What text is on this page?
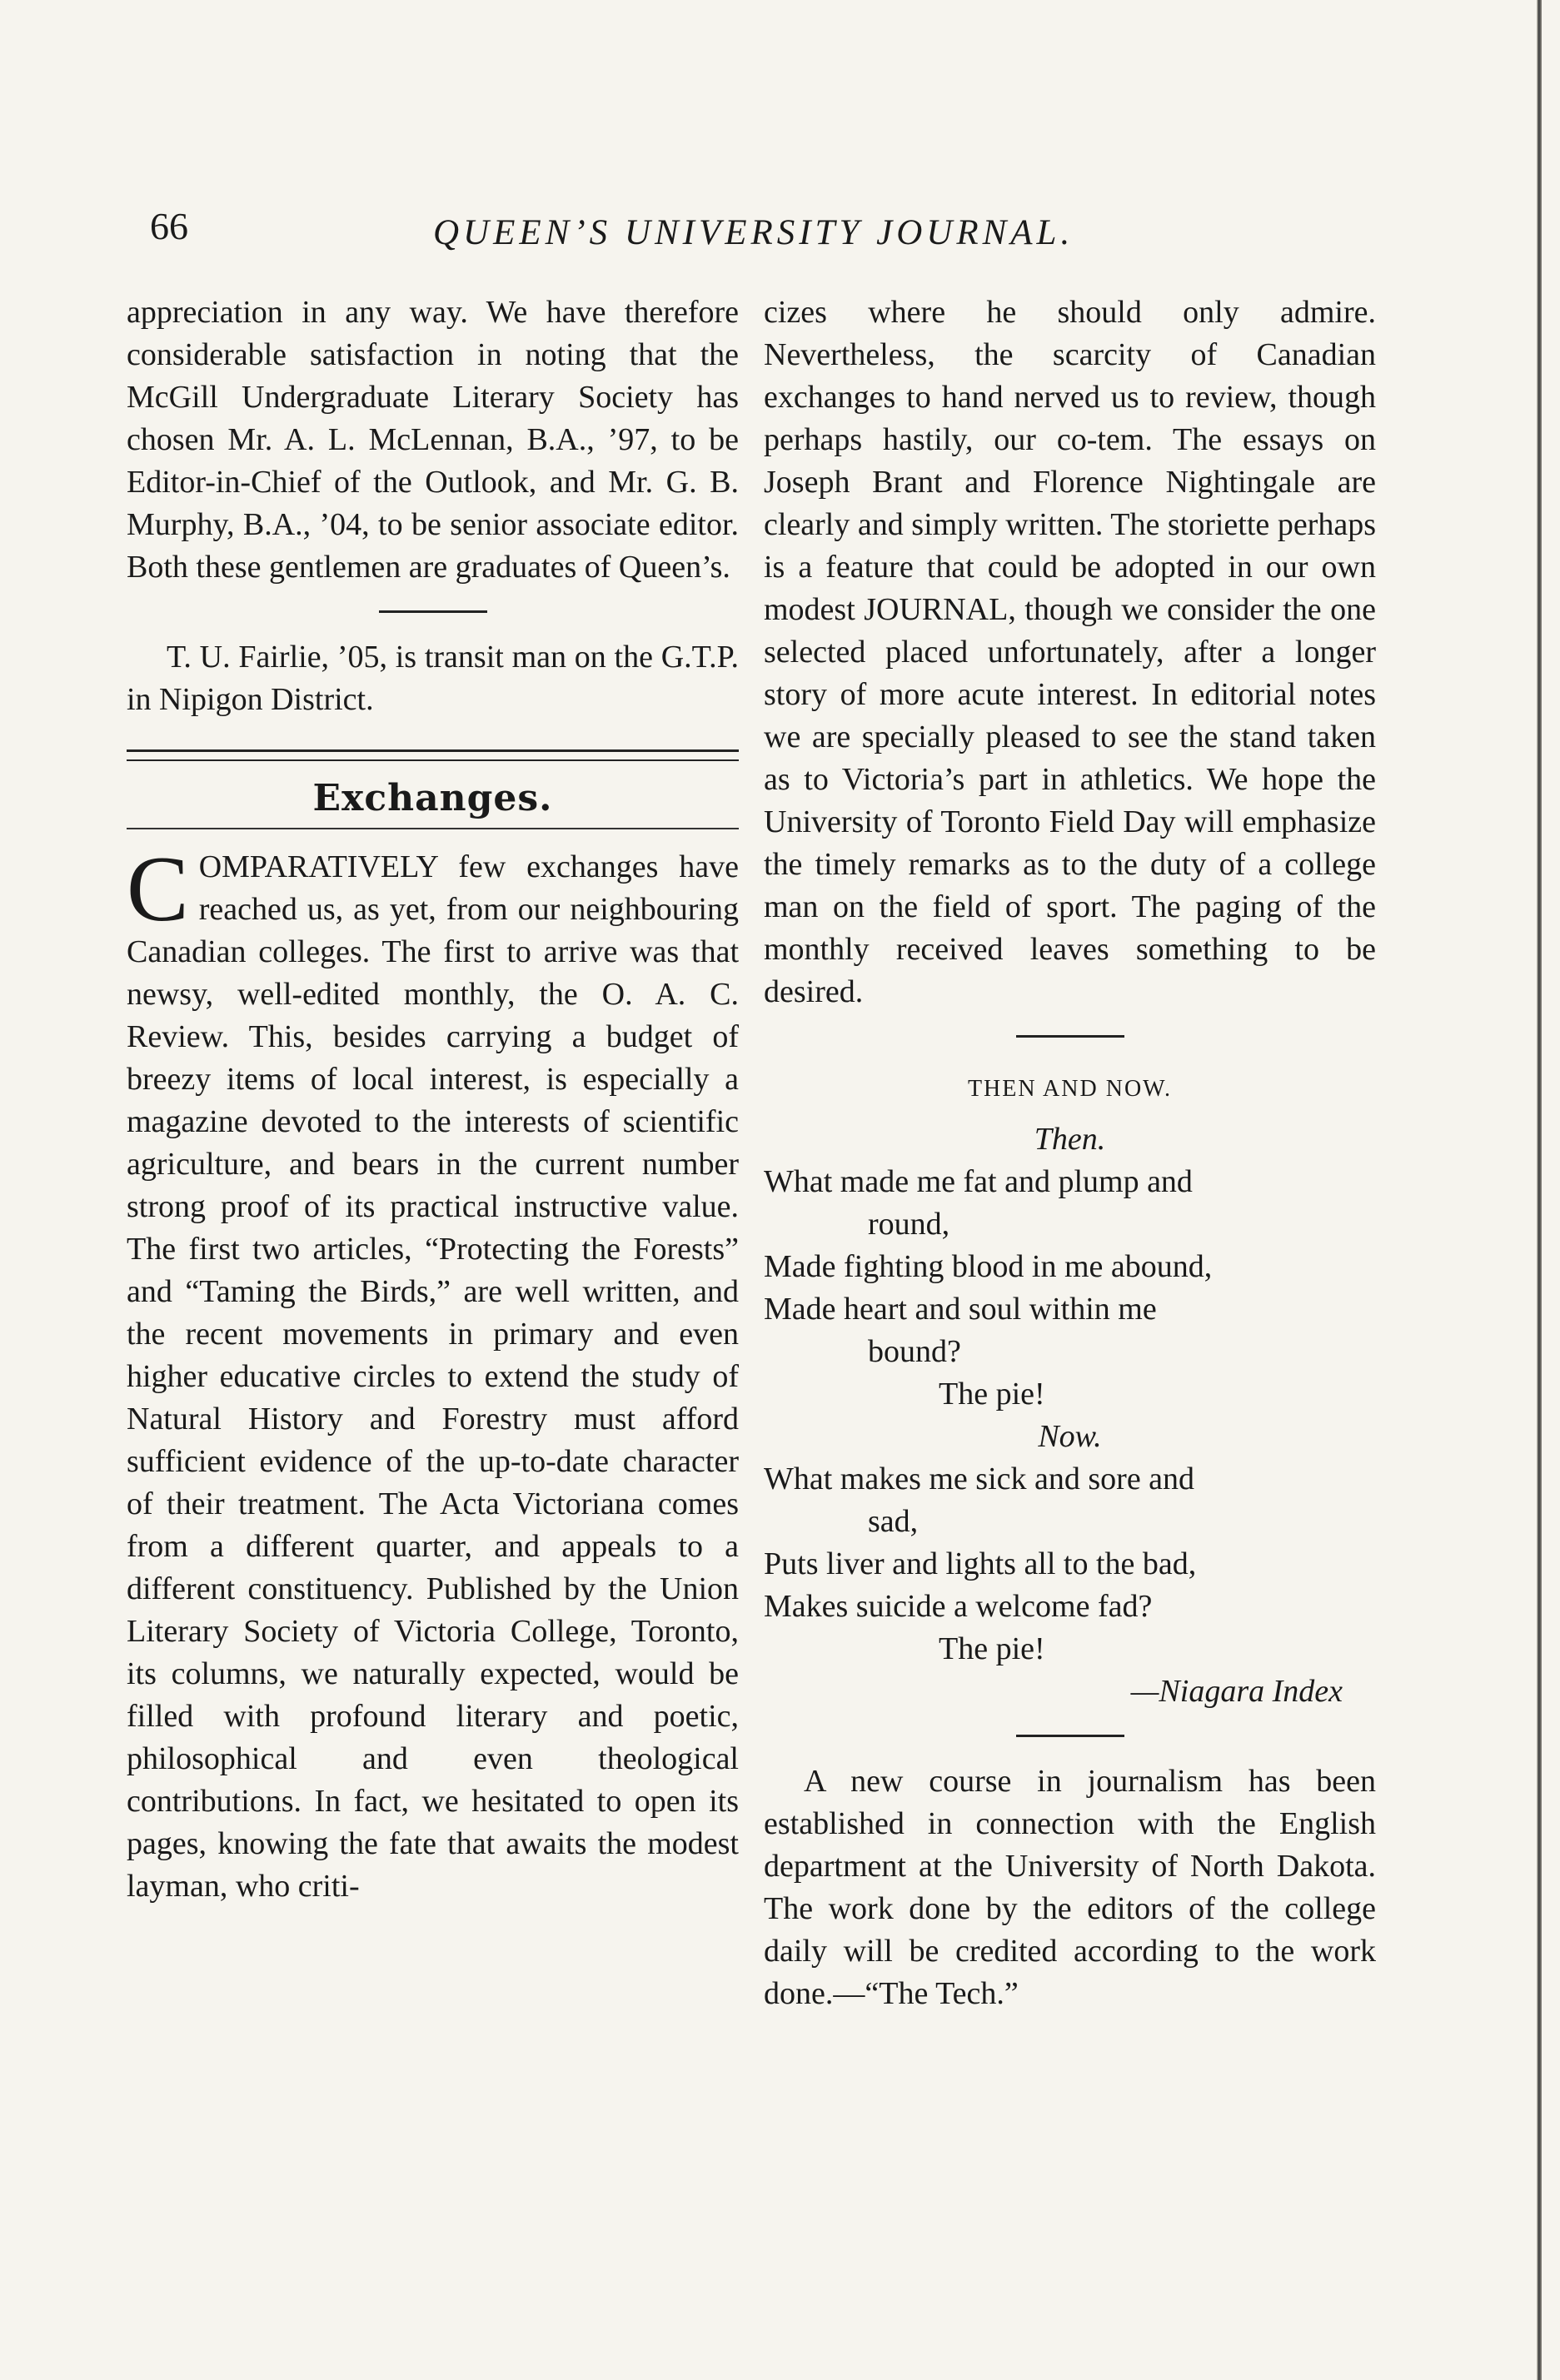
66	QUEEN’S UNIVERSITY JOURNAL.

appreciation in any way. We have therefore considerable satisfaction in noting that the McGill Undergraduate Literary Society has chosen Mr. A. L. McLennan, B.A., ’97, to be Editor-in-Chief of the Outlook, and Mr. G. B. Murphy, B.A., ’04, to be senior associate editor. Both these gentlemen are graduates of Queen’s.

T. U. Fairlie, ’05, is transit man on the G.T.P. in Nipigon District.

Exchanges.

COMPARATIVELY few exchanges have reached us, as yet, from our neighbouring Canadian colleges. The first to arrive was that newsy, well-edited monthly, the O. A. C. Review. This, besides carrying a budget of breezy items of local interest, is especially a magazine devoted to the interests of scientific agriculture, and bears in the current number strong proof of its practical instructive value. The first two articles, “Protecting the Forests” and “Taming the Birds,” are well written, and the recent movements in primary and even higher educative circles to extend the study of Natural History and Forestry must afford sufficient evidence of the up-to-date character of their treatment. The Acta Victoriana comes from a different quarter, and appeals to a different constituency. Published by the Union Literary Society of Victoria College, Toronto, its columns, we naturally expected, would be filled with profound literary and poetic, philosophical and even theological contributions. In fact, we hesitated to open its pages, knowing the fate that awaits the modest layman, who criti-

cizes where he should only admire. Nevertheless, the scarcity of Canadian exchanges to hand nerved us to review, though perhaps hastily, our co-tem. The essays on Joseph Brant and Florence Nightingale are clearly and simply written. The storiette perhaps is a feature that could be adopted in our own modest JOURNAL, though we consider the one selected placed unfortunately, after a longer story of more acute interest. In editorial notes we are specially pleased to see the stand taken as to Victoria’s part in athletics. We hope the University of Toronto Field Day will emphasize the timely remarks as to the duty of a college man on the field of sport. The paging of the monthly received leaves something to be desired.

THEN AND NOW.

Then.

What made me fat and plump and

round,

Made fighting blood in me abound,

Made heart and soul within me

bound?

The pie!

Now.

What makes me sick and sore and

sad,

Puts liver and lights all to the bad,

Makes suicide a welcome fad?

The pie!

—Niagara Index

A new course in journalism has been established in connection with the English department at the University of North Dakota. The work done by the editors of the college daily will be credited according to the work done.—“The Tech.”
